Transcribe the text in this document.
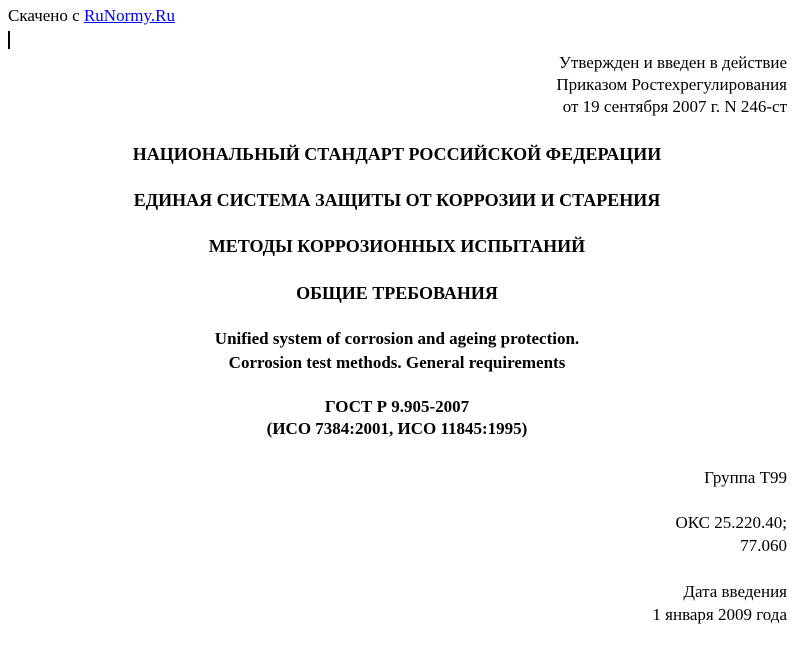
Скачено с RuNormy.Ru
Утвержден и введен в действие
Приказом Ростехрегулирования
от 19 сентября 2007 г. N 246-ст
НАЦИОНАЛЬНЫЙ СТАНДАРТ РОССИЙСКОЙ ФЕДЕРАЦИИ
ЕДИНАЯ СИСТЕМА ЗАЩИТЫ ОТ КОРРОЗИИ И СТАРЕНИЯ
МЕТОДЫ КОРРОЗИОННЫХ ИСПЫТАНИЙ
ОБЩИЕ ТРЕБОВАНИЯ
Unified system of corrosion and ageing protection.
Corrosion test methods. General requirements
ГОСТ Р 9.905-2007
(ИСО 7384:2001, ИСО 11845:1995)
Группа T99
ОКС 25.220.40;
77.060
Дата введения
1 января 2009 года
